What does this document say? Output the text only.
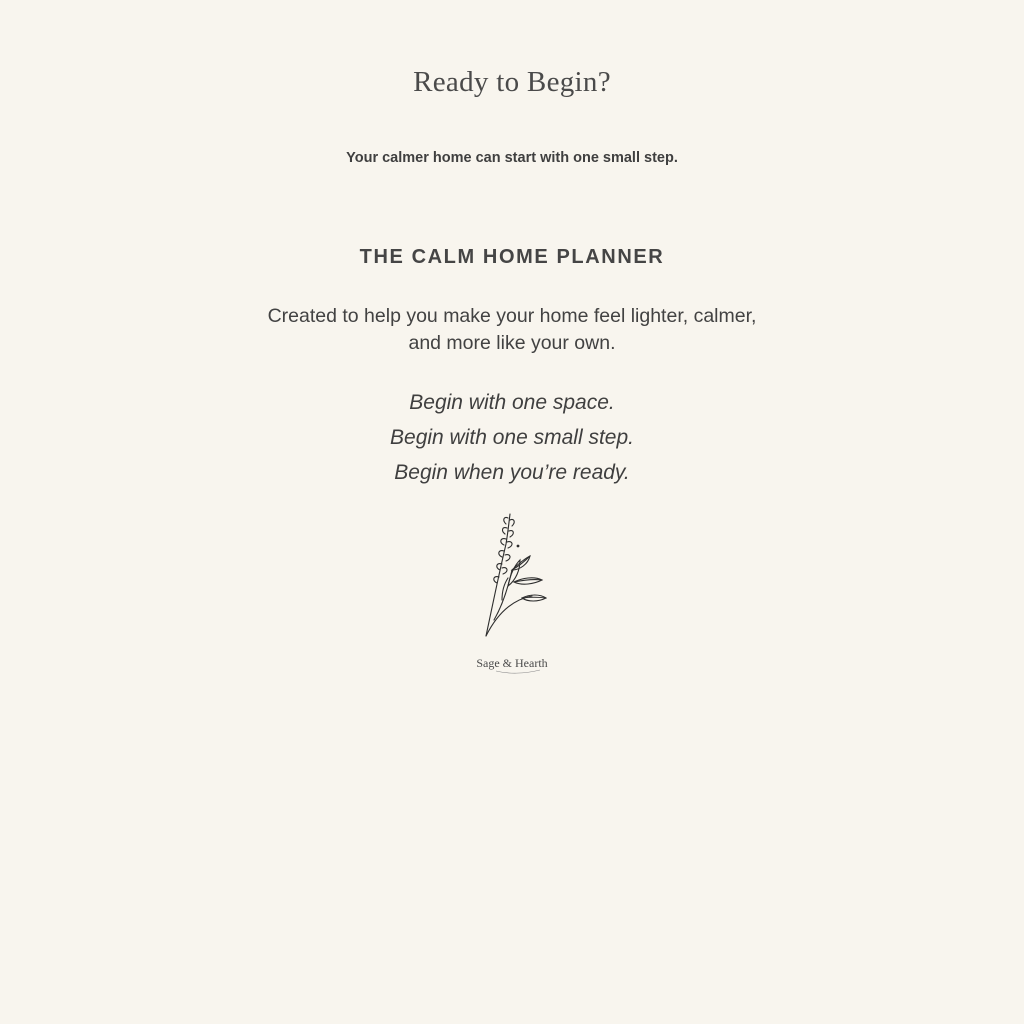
Ready to Begin?

Your calmer home can start with one small step.

THE CALM HOME PLANNER

Created to help you make your home feel lighter, calmer,
and more like your own.

Begin with one space.
Begin with one small step.
Begin when you’re ready.
Sage & Hearth
